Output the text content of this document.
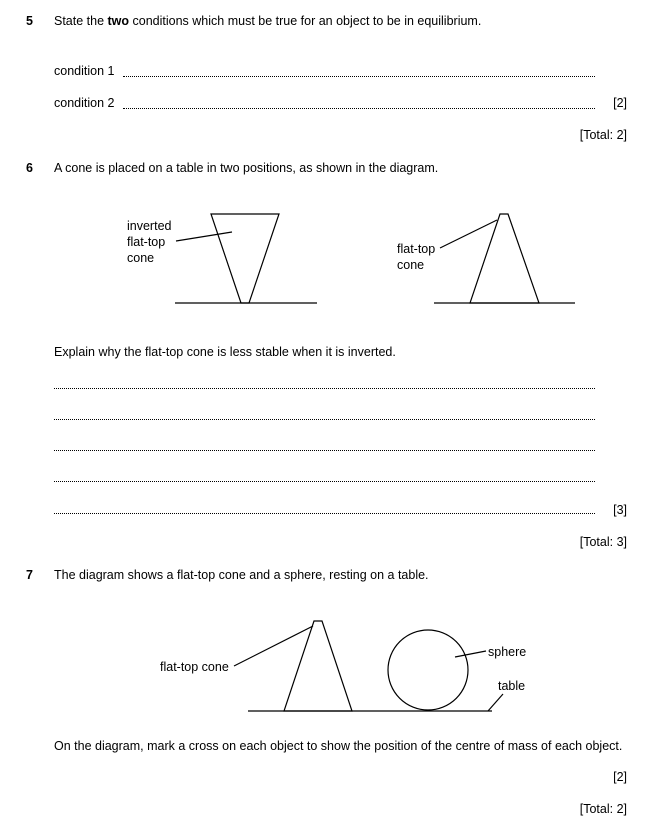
5 State the two conditions which must be true for an object to be in equilibrium.
condition 1
condition 2	[2]
[Total: 2]
6 A cone is placed on a table in two positions, as shown in the diagram.
inverted
flat-top
cone
flat-top
cone
flat-top cone
sphere
table
Explain why the flat-top cone is less stable when it is inverted.
[3]
[Total: 3]
7 The diagram shows a flat-top cone and a sphere, resting on a table.
On the diagram, mark a cross on each object to show the position of the centre of mass of each object.
[2]
[Total: 2]
